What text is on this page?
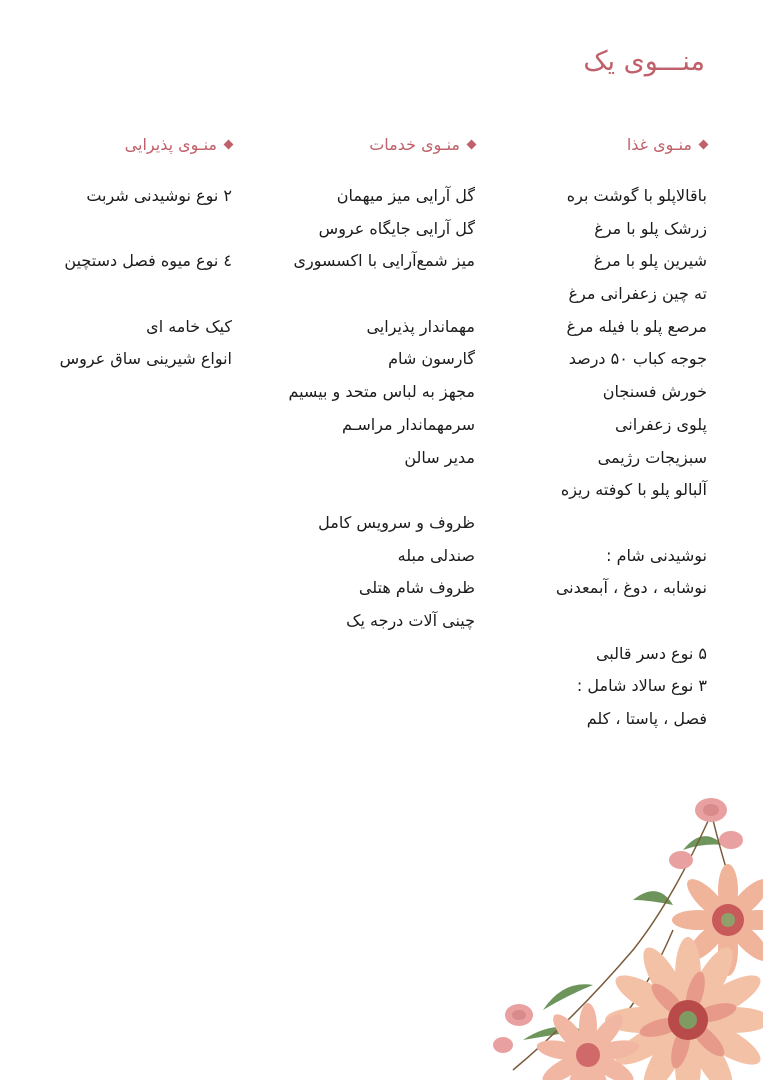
منـــوی یک
منـوی غذا
باقالاپلو با گوشت بره
زرشک پلو با مرغ
شیرین پلو با مرغ
ته چین زعفرانی مرغ
مرصع پلو با فیله مرغ
جوجه کباب ۵۰ درصد
خورش فسنجان
پلوی زعفرانی
سبزیجات رژیمی
آلبالو پلو با کوفته ریزه
نوشیدنی شام :
نوشابه ، دوغ ، آبمعدنی
۵ نوع دسر قالبی
۳ نوع سالاد شامل :
فصل ، پاستا ، کلم
منـوی خدمات
گل آرایی میز میهمان
گل آرایی جایگاه عروس
میز شمع‌آرایی با اکسسوری
مهماندار پذیرایی
گارسون شام
مجهز به لباس متحد و بیسیم
سرمهماندار مراسـم
مدیر سالن
ظروف و سرویس کامل
صندلی مبله
ظروف شام هتلی
چینی آلات درجه یک
منـوی پذیرایی
۲ نوع نوشیدنی شربت
٤ نوع میوه فصل دستچین
کیک خامه ای
انواع شیرینی ساق عروس
